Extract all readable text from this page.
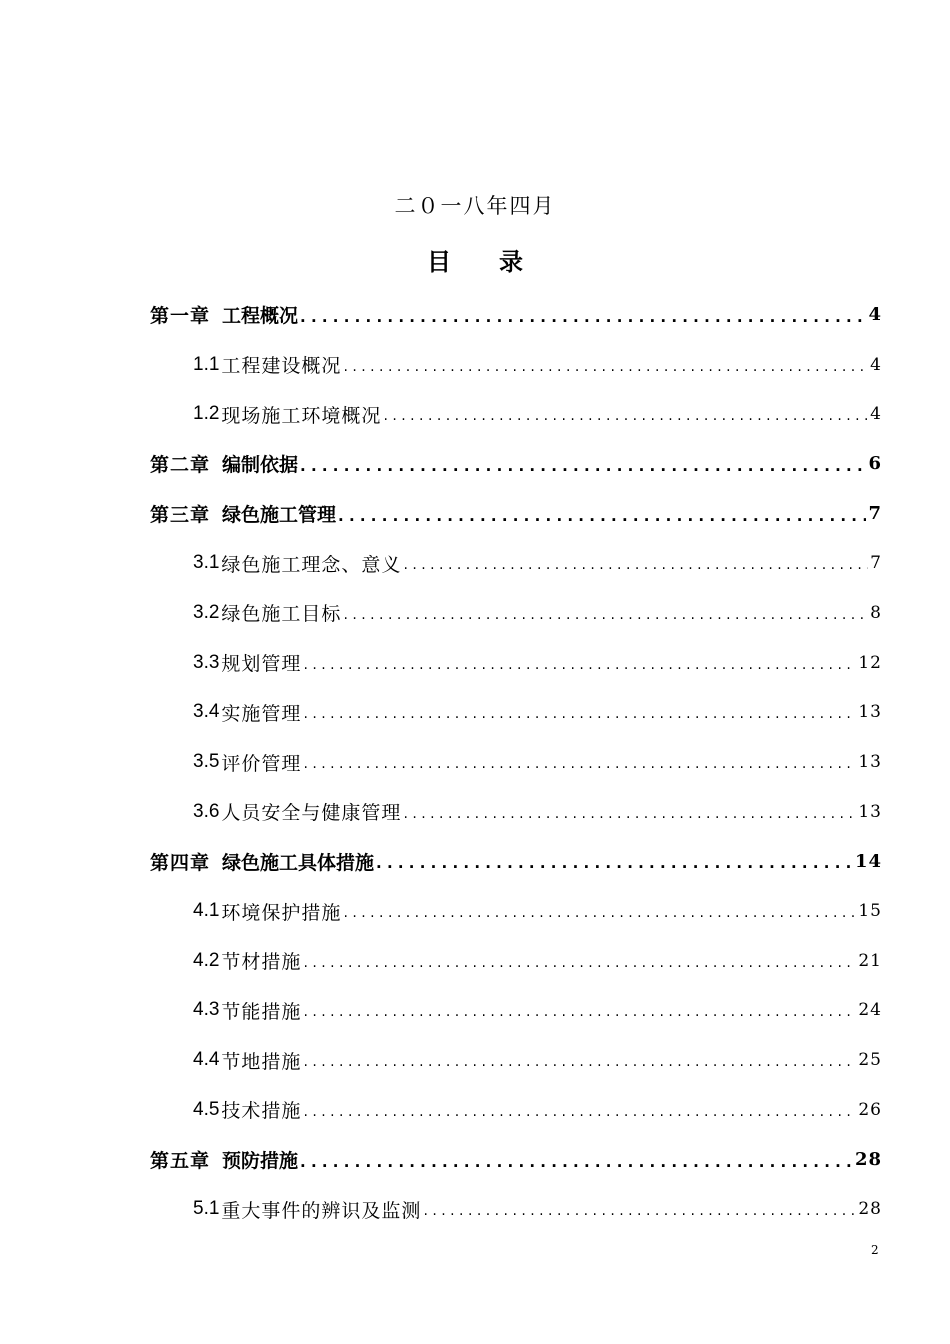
二０一八年四月
目 录
第一章 工程概况 . . .	4
1.1 工程建设概况 . . .	4
1.2 现场施工环境概况 . . .	4
第二章 编制依据 . . .	6
第三章 绿色施工管理 . . .	7
3.1 绿色施工理念、意义 . . .	7
3.2 绿色施工目标 . . .	8
3.3 规划管理 . . .	12
3.4 实施管理 . . .	13
3.5 评价管理 . . .	13
3.6 人员安全与健康管理 . . .	13
第四章 绿色施工具体措施 . . .	14
4.1 环境保护措施 . . .	15
4.2 节材措施 . . .	21
4.3 节能措施 . . .	24
4.4 节地措施 . . .	25
4.5 技术措施 . . .	26
第五章 预防措施 . . .	28
5.1 重大事件的辨识及监测 . . .	28
2
